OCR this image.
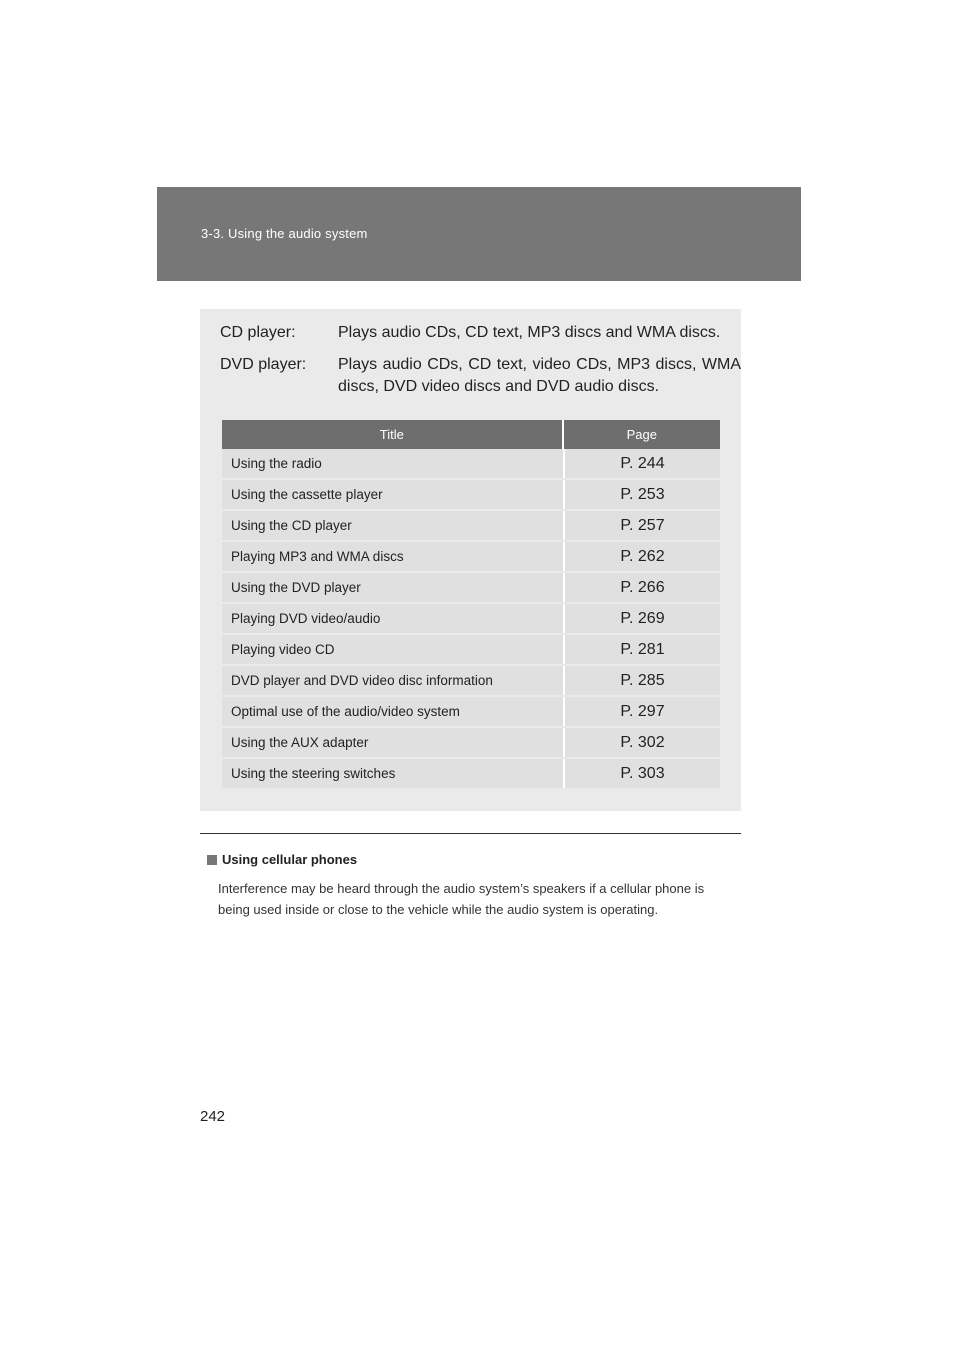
3-3. Using the audio system
CD player:	Plays audio CDs, CD text, MP3 discs and WMA discs.
DVD player: Plays audio CDs, CD text, video CDs, MP3 discs, WMA discs, DVD video discs and DVD audio discs.
Title	Page
Using the radio	P. 244
Using the cassette player	P. 253
Using the CD player	P. 257
Playing MP3 and WMA discs	P. 262
Using the DVD player	P. 266
Playing DVD video/audio	P. 269
Playing video CD	P. 281
DVD player and DVD video disc information	P. 285
Optimal use of the audio/video system	P. 297
Using the AUX adapter	P. 302
Using the steering switches	P. 303
Using cellular phones
Interference may be heard through the audio system’s speakers if a cellular phone is being used inside or close to the vehicle while the audio system is operating.
242
